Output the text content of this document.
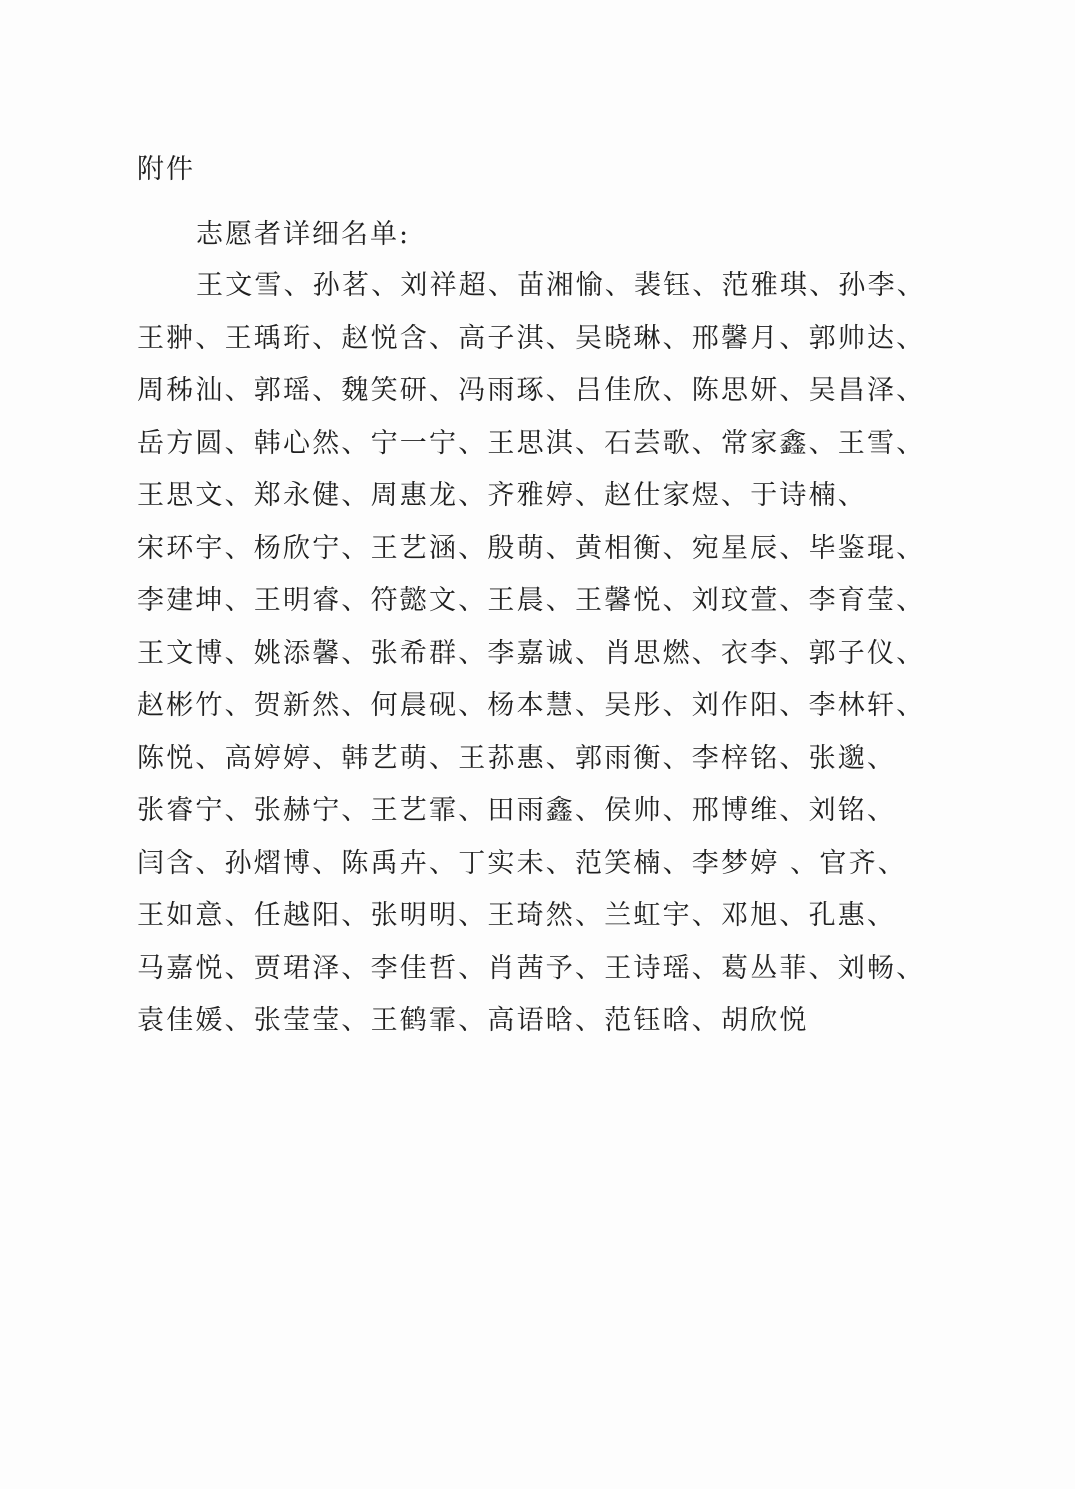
附件
志愿者详细名单:
王文雪、孙茗、刘祥超、苗湘愉、裴钰、范雅琪、孙李、
王翀、王瑀珩、赵悦含、高子淇、吴晓琳、邢馨月、郭帅达、
周秭汕、郭瑶、魏笑研、冯雨琢、吕佳欣、陈思妍、吴昌泽、
岳方圆、韩心然、宁一宁、王思淇、石芸歌、常家鑫、王雪、
王思文、郑永健、周惠龙、齐雅婷、赵仕家煜、于诗楠、
宋环宇、杨欣宁、王艺涵、殷萌、黄相衡、宛星辰、毕鉴琨、
李建坤、王明睿、符懿文、王晨、王馨悦、刘玟萱、李育莹、
王文博、姚添馨、张希群、李嘉诚、肖思燃、衣李、郭子仪、
赵彬竹、贺新然、何晨砚、杨本慧、吴彤、刘作阳、李林轩、
陈悦、高婷婷、韩艺萌、王荪惠、郭雨衡、李梓铭、张邈、
张睿宁、张赫宁、王艺霏、田雨鑫、侯帅、邢博维、刘铭、
闫含、孙熠博、陈禹卉、丁实未、范笑楠、李梦婷 、官齐、
王如意、任越阳、张明明、王琦然、兰虹宇、邓旭、孔惠、
马嘉悦、贾珺泽、李佳哲、肖茜予、王诗瑶、葛丛菲、刘畅、
袁佳媛、张莹莹、王鹤霏、高语晗、范钰晗、胡欣悦
